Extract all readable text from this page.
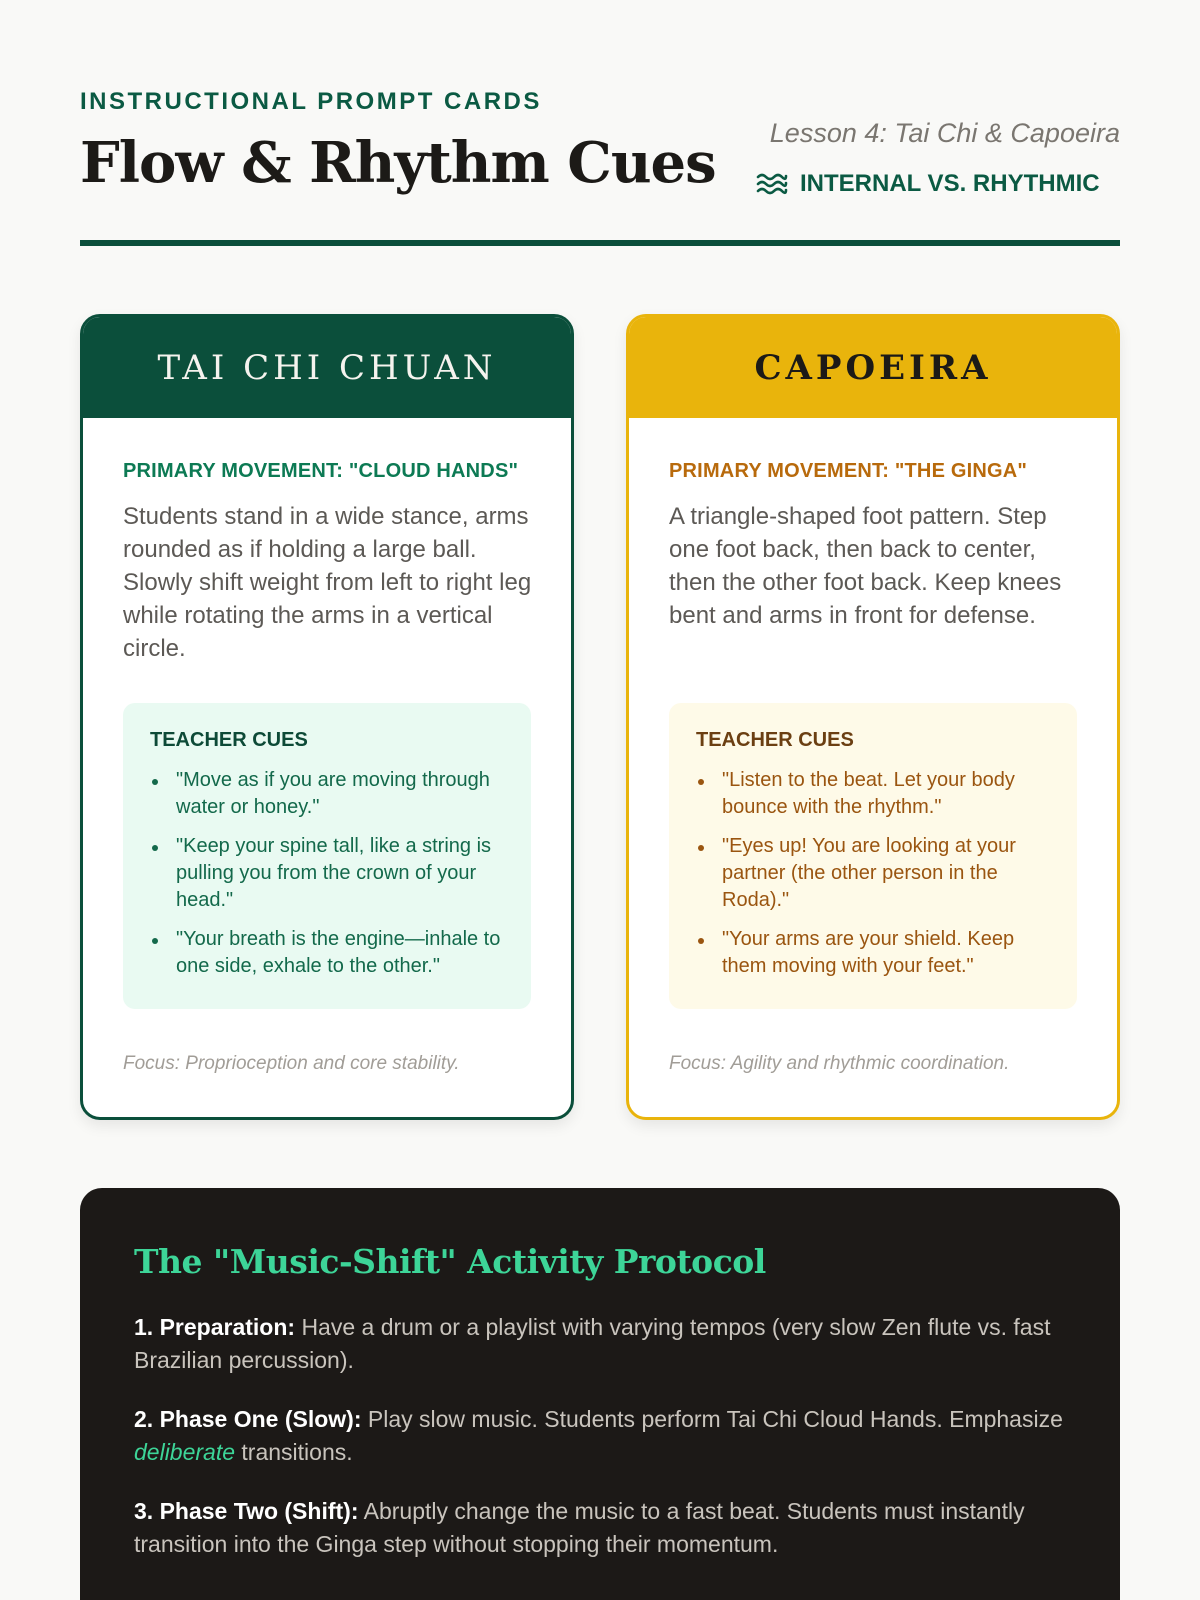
INSTRUCTIONAL PROMPT CARDS
Flow & Rhythm Cues Lesson 4: Tai Chi & Capoeira
INTERNAL VS. RHYTHMIC
TAI CHI CHUAN
PRIMARY MOVEMENT: "CLOUD HANDS"

Students stand in a wide stance, arms rounded as if holding a large ball. Slowly shift weight from left to right leg while rotating the arms in a vertical circle.

TEACHER CUES
"Move as if you are moving through water or honey."
"Keep your spine tall, like a string is pulling you from the crown of your head."
"Your breath is the engine—inhale to one side, exhale to the other."
Focus: Proprioception and core stability.
CAPOEIRA
PRIMARY MOVEMENT: "THE GINGA"

A triangle-shaped foot pattern. Step one foot back, then back to center, then the other foot back. Keep knees bent and arms in front for defense.

TEACHER CUES
"Listen to the beat. Let your body bounce with the rhythm."
"Eyes up! You are looking at your partner (the other person in the Roda)."
"Your arms are your shield. Keep them moving with your feet."
Focus: Agility and rhythmic coordination.
The "Music-Shift" Activity Protocol

1. Preparation: Have a drum or a playlist with varying tempos (very slow Zen flute vs. fast Brazilian percussion).

2. Phase One (Slow): Play slow music. Students perform Tai Chi Cloud Hands. Emphasize deliberate transitions.

3. Phase Two (Shift): Abruptly change the music to a fast beat. Students must instantly transition into the Ginga step without stopping their momentum.
